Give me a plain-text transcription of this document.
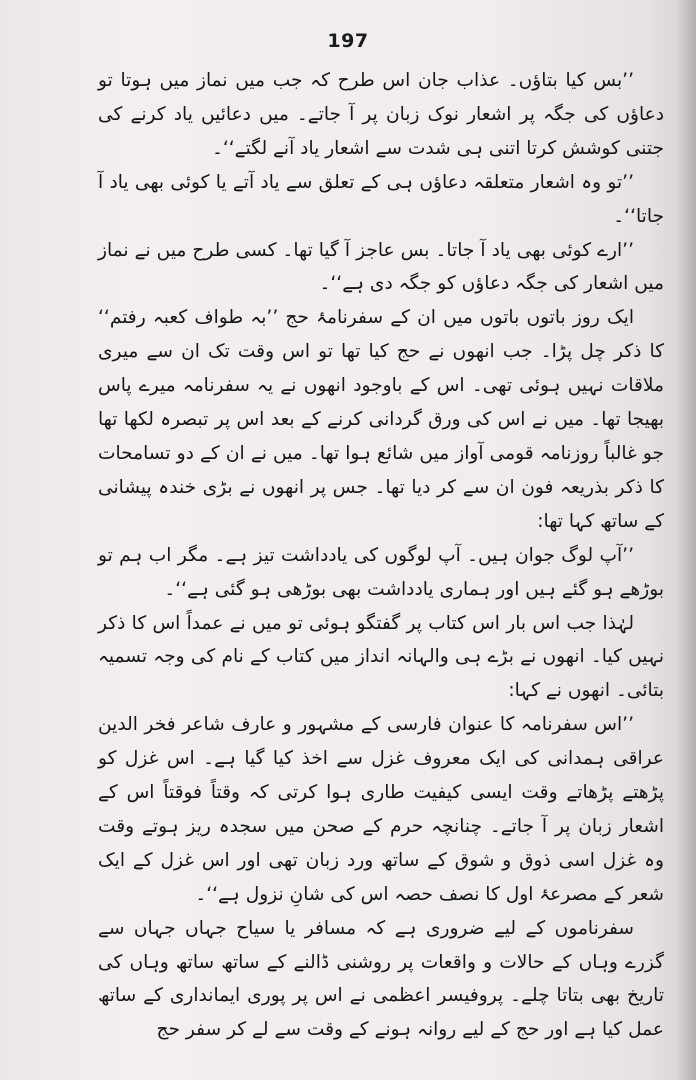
197

’’بس کیا بتاؤں۔ عذاب جان اس طرح کہ جب میں نماز میں ہوتا تو دعاؤں کی جگہ پر اشعار نوک زبان پر آ جاتے۔ میں دعائیں یاد کرنے کی جتنی کوشش کرتا اتنی ہی شدت سے اشعار یاد آنے لگتے‘‘۔

’’تو وہ اشعار متعلقہ دعاؤں ہی کے تعلق سے یاد آتے یا کوئی بھی یاد آ جاتا‘‘۔

’’ارے کوئی بھی یاد آ جاتا۔ بس عاجز آ گیا تھا۔ کسی طرح میں نے نماز میں اشعار کی جگہ دعاؤں کو جگہ دی ہے‘‘۔

ایک روز باتوں باتوں میں ان کے سفرنامۂ حج ’’بہ طواف کعبہ رفتم‘‘ کا ذکر چل پڑا۔ جب انھوں نے حج کیا تھا تو اس وقت تک ان سے میری ملاقات نہیں ہوئی تھی۔ اس کے باوجود انھوں نے یہ سفرنامہ میرے پاس بھیجا تھا۔ میں نے اس کی ورق گردانی کرنے کے بعد اس پر تبصرہ لکھا تھا جو غالباً روزنامہ قومی آواز میں شائع ہوا تھا۔ میں نے ان کے دو تسامحات کا ذکر بذریعہ فون ان سے کر دیا تھا۔ جس پر انھوں نے بڑی خندہ پیشانی کے ساتھ کہا تھا:

’’آپ لوگ جوان ہیں۔ آپ لوگوں کی یادداشت تیز ہے۔ مگر اب ہم تو بوڑھے ہو گئے ہیں اور ہماری یادداشت بھی بوڑھی ہو گئی ہے‘‘۔

لہٰذا جب اس بار اس کتاب پر گفتگو ہوئی تو میں نے عمداً اس کا ذکر نہیں کیا۔ انھوں نے بڑے ہی والہانہ انداز میں کتاب کے نام کی وجہ تسمیہ بتائی۔ انھوں نے کہا:

’’اس سفرنامہ کا عنوان فارسی کے مشہور و عارف شاعر فخر الدین عراقی ہمدانی کی ایک معروف غزل سے اخذ کیا گیا ہے۔ اس غزل کو پڑھتے پڑھاتے وقت ایسی کیفیت طاری ہوا کرتی کہ وقتاً فوقتاً اس کے اشعار زبان پر آ جاتے۔ چنانچہ حرم کے صحن میں سجدہ ریز ہوتے وقت وہ غزل اسی ذوق و شوق کے ساتھ ورد زبان تھی اور اس غزل کے ایک شعر کے مصرعۂ اول کا نصف حصہ اس کی شانِ نزول ہے‘‘۔

سفرناموں کے لیے ضروری ہے کہ مسافر یا سیاح جہاں جہاں سے گزرے وہاں کے حالات و واقعات پر روشنی ڈالنے کے ساتھ ساتھ وہاں کی تاریخ بھی بتاتا چلے۔ پروفیسر اعظمی نے اس پر پوری ایمانداری کے ساتھ عمل کیا ہے اور حج کے لیے روانہ ہونے کے وقت سے لے کر سفر حج
